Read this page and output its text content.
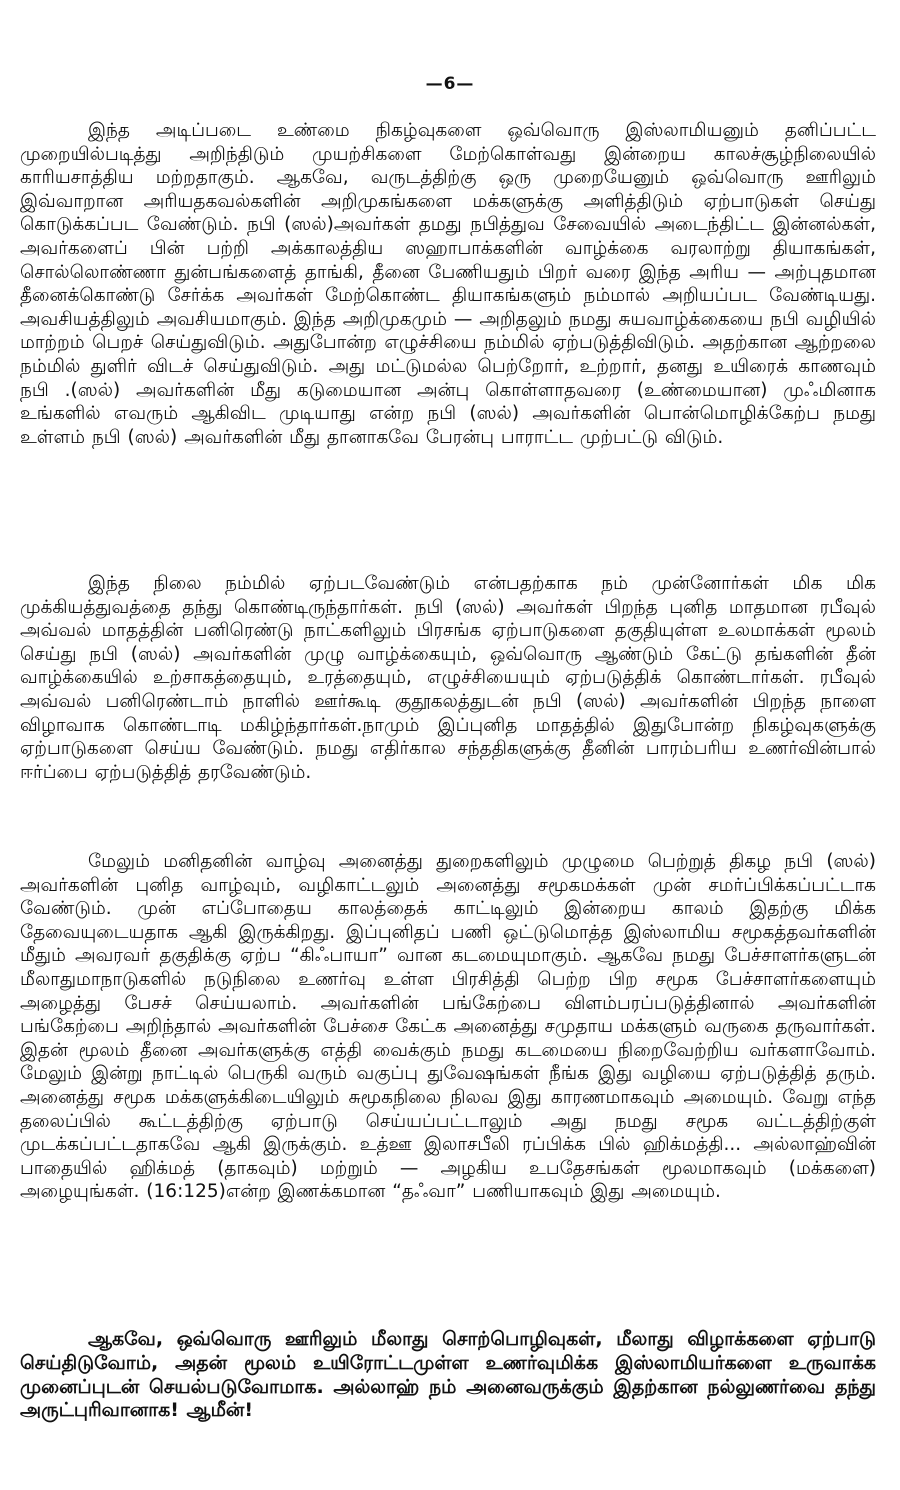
—6—

இந்த அடிப்படை உண்மை நிகழ்வுகளை ஒவ்வொரு இஸ்லாமியனும் தனிப்பட்ட முறையில்படித்து அறிந்திடும் முயற்சிகளை மேற்கொள்வது இன்றைய காலச்சூழ்நிலையில் காரியசாத்திய மற்றதாகும். ஆகவே, வருடத்திற்கு ஒரு முறையேனும் ஒவ்வொரு ஊரிலும் இவ்வாறான அரியதகவல்களின் அறிமுகங்களை மக்களுக்கு அளித்திடும் ஏற்பாடுகள் செய்து கொடுக்கப்பட வேண்டும். நபி (ஸல்)அவர்கள் தமது நபித்துவ சேவையில் அடைந்திட்ட இன்னல்கள், அவர்களைப் பின் பற்றி அக்காலத்திய ஸஹாபாக்களின் வாழ்க்கை வரலாற்று தியாகங்கள், சொல்லொண்ணா துன்பங்களைத் தாங்கி, தீனை பேணியதும் பிறர் வரை இந்த அரிய — அற்புதமான தீனைக்கொண்டு சேர்க்க அவர்கள் மேற்கொண்ட தியாகங்களும் நம்மால் அறியப்பட வேண்டியது. அவசியத்திலும் அவசியமாகும். இந்த அறிமுகமும் — அறிதலும் நமது சுயவாழ்க்கையை நபி வழியில் மாற்றம் பெறச் செய்துவிடும். அதுபோன்ற எழுச்சியை நம்மில் ஏற்படுத்திவிடும். அதற்கான ஆற்றலை நம்மில் துளிர் விடச் செய்துவிடும். அது மட்டுமல்ல பெற்றோர், உற்றார், தனது உயிரைக் காணவும் நபி .(ஸல்) அவர்களின் மீது கடுமையான அன்பு கொள்ளாதவரை (உண்மையான) முஃமினாக உங்களில் எவரும் ஆகிவிட முடியாது என்ற நபி (ஸல்) அவர்களின் பொன்மொழிக்கேற்ப நமது உள்ளம் நபி (ஸல்) அவர்களின் மீது தானாகவே பேரன்பு பாராட்ட முற்பட்டு விடும்.

இந்த நிலை நம்மில் ஏற்படவேண்டும் என்பதற்காக நம் முன்னோர்கள் மிக மிக முக்கியத்துவத்தை தந்து கொண்டிருந்தார்கள். நபி (ஸல்) அவர்கள் பிறந்த புனித மாதமான ரபீவுல் அவ்வல் மாதத்தின் பனிரெண்டு நாட்களிலும் பிரசங்க ஏற்பாடுகளை தகுதியுள்ள உலமாக்கள் மூலம் செய்து நபி (ஸல்) அவர்களின் முழு வாழ்க்கையும், ஒவ்வொரு ஆண்டும் கேட்டு தங்களின் தீன் வாழ்க்கையில் உற்சாகத்தையும், உரத்தையும், எழுச்சியையும் ஏற்படுத்திக் கொண்டார்கள். ரபீவுல் அவ்வல் பனிரெண்டாம் நாளில் ஊர்கூடி குதூகலத்துடன் நபி (ஸல்) அவர்களின் பிறந்த நாளை விழாவாக கொண்டாடி மகிழ்ந்தார்கள்.நாமும் இப்புனித மாதத்தில் இதுபோன்ற நிகழ்வுகளுக்கு ஏற்பாடுகளை செய்ய வேண்டும். நமது எதிர்கால சந்ததிகளுக்கு தீனின் பாரம்பரிய உணர்வின்பால் ஈர்ப்பை ஏற்படுத்தித் தரவேண்டும்.

மேலும் மனிதனின் வாழ்வு அனைத்து துறைகளிலும் முழுமை பெற்றுத் திகழ நபி (ஸல்) அவர்களின் புனித வாழ்வும், வழிகாட்டலும் அனைத்து சமூகமக்கள் முன் சமர்ப்பிக்கப்பட்டாக வேண்டும். முன் எப்போதைய காலத்தைக் காட்டிலும் இன்றைய காலம் இதற்கு மிக்க தேவையுடையதாக ஆகி இருக்கிறது. இப்புனிதப் பணி ஒட்டுமொத்த இஸ்லாமிய சமூகத்தவர்களின் மீதும் அவரவர் தகுதிக்கு ஏற்ப “கிஃபாயா” வான கடமையுமாகும். ஆகவே நமது பேச்சாளர்களுடன் மீலாதுமாநாடுகளில் நடுநிலை உணர்வு உள்ள பிரசித்தி பெற்ற பிற சமூக பேச்சாளர்களையும் அழைத்து பேசச் செய்யலாம். அவர்களின் பங்கேற்பை விளம்பரப்படுத்தினால் அவர்களின் பங்கேற்பை அறிந்தால் அவர்களின் பேச்சை கேட்க அனைத்து சமுதாய மக்களும் வருகை தருவார்கள். இதன் மூலம் தீனை அவர்களுக்கு எத்தி வைக்கும் நமது கடமையை நிறைவேற்றிய வர்களாவோம். மேலும் இன்று நாட்டில் பெருகி வரும் வகுப்பு துவேஷங்கள் நீங்க இது வழியை ஏற்படுத்தித் தரும். அனைத்து சமூக மக்களுக்கிடையிலும் சுமூகநிலை நிலவ இது காரணமாகவும் அமையும். வேறு எந்த தலைப்பில் கூட்டத்திற்கு ஏற்பாடு செய்யப்பட்டாலும் அது நமது சமூக வட்டத்திற்குள் முடக்கப்பட்டதாகவே ஆகி இருக்கும். உத்ஊ இலாசபீலி ரப்பிக்க பில் ஹிக்மத்தி... அல்லாஹ்வின் பாதையில் ஹிக்மத் (தாகவும்) மற்றும் — அழகிய உபதேசங்கள் மூலமாகவும் (மக்களை) அழையுங்கள். (16:125)என்ற இணக்கமான “தஃவா” பணியாகவும் இது அமையும்.

ஆகவே, ஒவ்வொரு ஊரிலும் மீலாது சொற்பொழிவுகள், மீலாது விழாக்களை ஏற்பாடு செய்திடுவோம், அதன் மூலம் உயிரோட்டமுள்ள உணர்வுமிக்க இஸ்லாமியர்களை உருவாக்க முனைப்புடன் செயல்படுவோமாக. அல்லாஹ் நம் அனைவருக்கும் இதற்கான நல்லுணர்வை தந்து அருட்புரிவானாக! ஆமீன்!
